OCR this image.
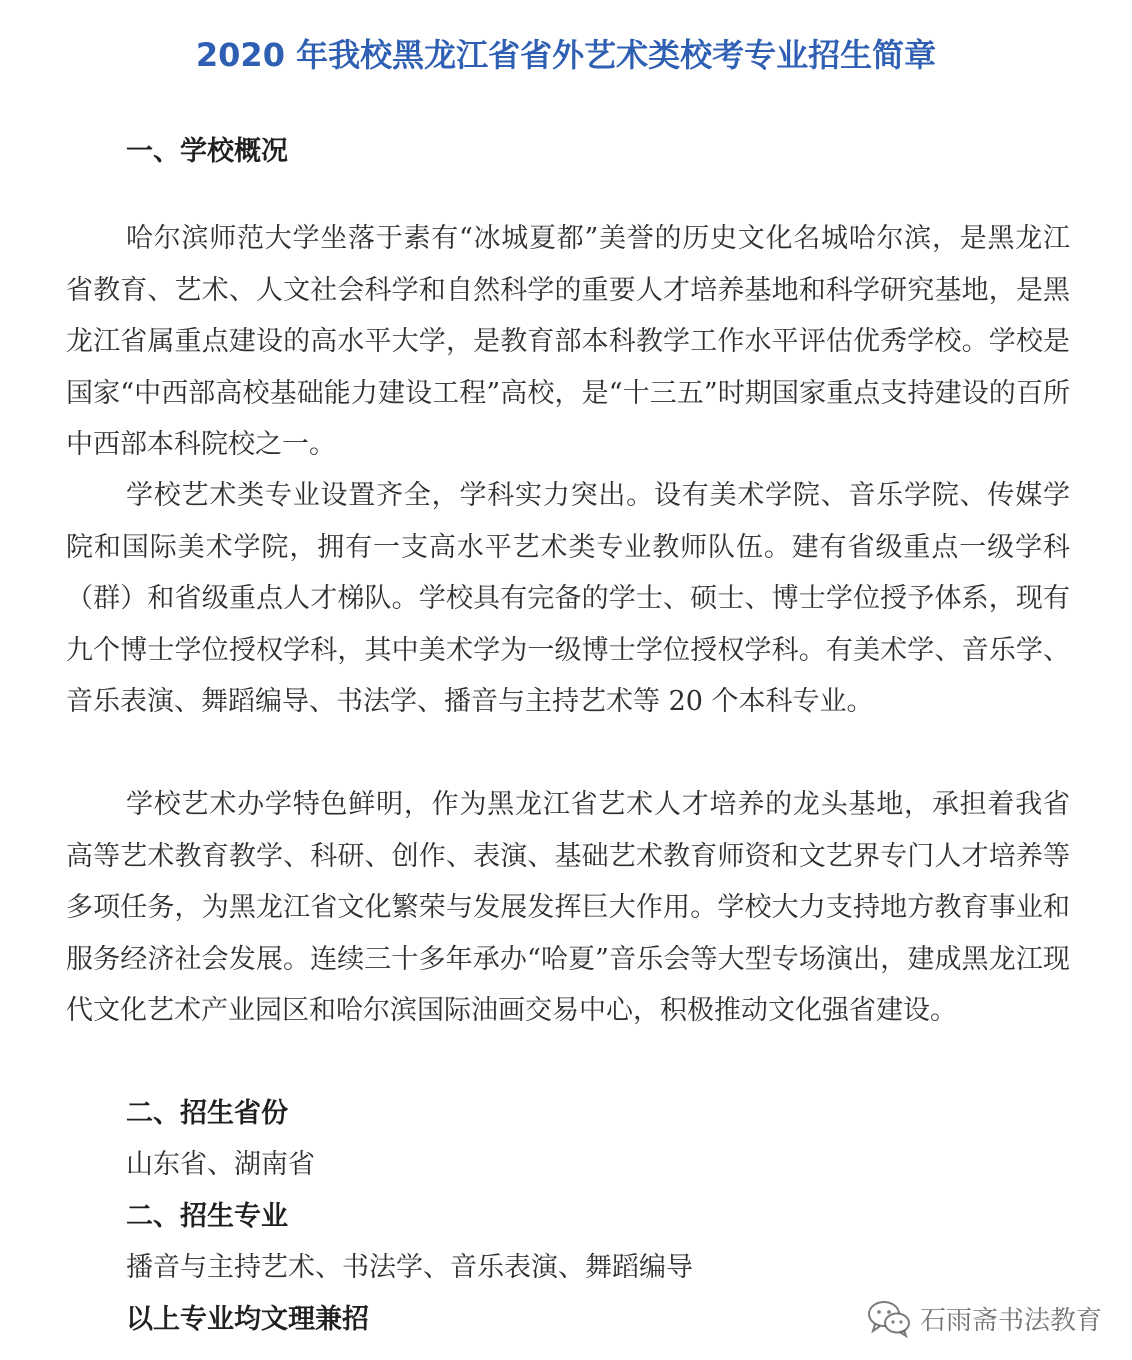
2020 年我校黑龙江省省外艺术类校考专业招生简章
一、学校概况

哈尔滨师范大学坐落于素有“冰城夏都”美誉的历史文化名城哈尔滨，是黑龙江省教育、艺术、人文社会科学和自然科学的重要人才培养基地和科学研究基地，是黑龙江省属重点建设的高水平大学，是教育部本科教学工作水平评估优秀学校。学校是国家“中西部高校基础能力建设工程”高校，是“十三五”时期国家重点支持建设的百所中西部本科院校之一。

学校艺术类专业设置齐全，学科实力突出。设有美术学院、音乐学院、传媒学院和国际美术学院，拥有一支高水平艺术类专业教师队伍。建有省级重点一级学科（群）和省级重点人才梯队。学校具有完备的学士、硕士、博士学位授予体系，现有九个博士学位授权学科，其中美术学为一级博士学位授权学科。有美术学、音乐学、音乐表演、舞蹈编导、书法学、播音与主持艺术等 20 个本科专业。

学校艺术办学特色鲜明，作为黑龙江省艺术人才培养的龙头基地，承担着我省高等艺术教育教学、科研、创作、表演、基础艺术教育师资和文艺界专门人才培养等多项任务，为黑龙江省文化繁荣与发展发挥巨大作用。学校大力支持地方教育事业和服务经济社会发展。连续三十多年承办“哈夏”音乐会等大型专场演出，建成黑龙江现代文化艺术产业园区和哈尔滨国际油画交易中心，积极推动文化强省建设。

二、招生省份

山东省、湖南省

二、招生专业

播音与主持艺术、书法学、音乐表演、舞蹈编导

以上专业均文理兼招	石雨斋书法教育
